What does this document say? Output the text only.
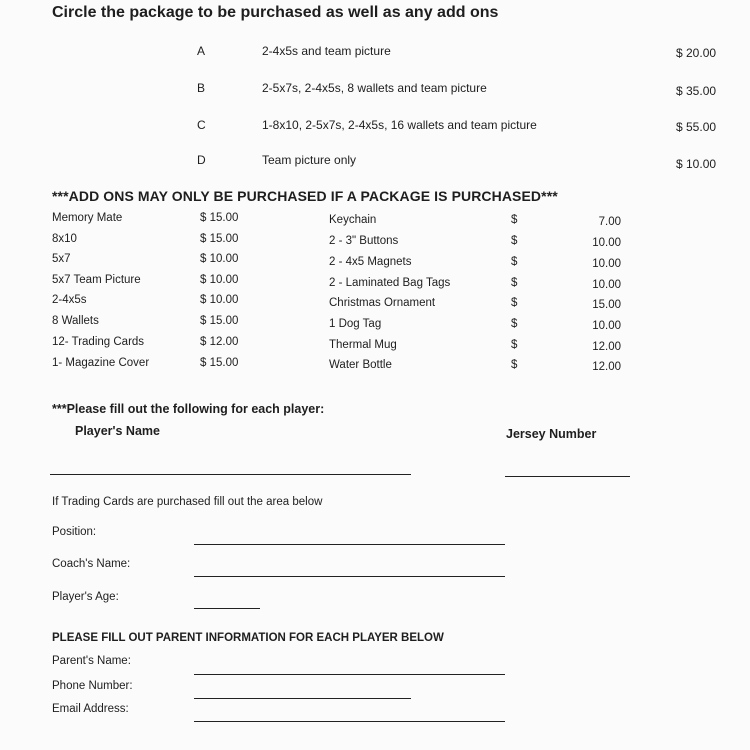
Circle the package to be purchased as well as any add ons
A	2-4x5s and team picture	$ 20.00
B	2-5x7s, 2-4x5s, 8 wallets and team picture	$ 35.00
C	1-8x10, 2-5x7s, 2-4x5s, 16 wallets and team picture	$ 55.00
D	Team picture only	$ 10.00
***ADD ONS MAY ONLY BE PURCHASED IF A PACKAGE IS PURCHASED***
Memory Mate	$ 15.00
8x10	$ 15.00
5x7	$ 10.00
5x7 Team Picture	$ 10.00
2-4x5s	$ 10.00
8 Wallets	$ 15.00
12- Trading Cards	$ 12.00
1- Magazine Cover	$ 15.00
Keychain	$	7.00
2 - 3" Buttons	$	10.00
2 - 4x5 Magnets	$	10.00
2 - Laminated Bag Tags	$	10.00
Christmas Ornament	$	15.00
1 Dog Tag	$	10.00
Thermal Mug	$	12.00
Water Bottle	$	12.00
***Please fill out the following for each player:
Player's Name	Jersey Number
If Trading Cards are purchased fill out the area below
Position:
Coach's Name:
Player's Age:
PLEASE FILL OUT PARENT INFORMATION FOR EACH PLAYER BELOW
Parent's Name:
Phone Number:
Email Address:
